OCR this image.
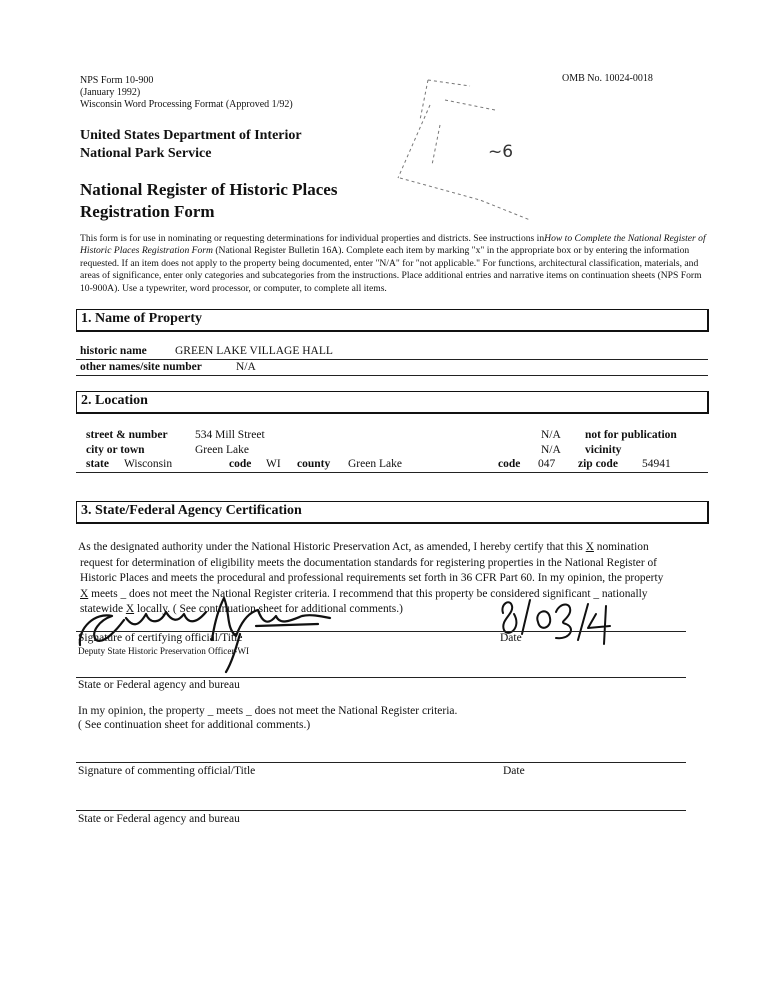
NPS Form 10-900
(January 1992)
Wisconsin Word Processing Format (Approved 1/92)
OMB No. 10024-0018
United States Department of Interior
National Park Service
National Register of Historic Places
Registration Form
~6
This form is for use in nominating or requesting determinations for individual properties and districts. See instructions inHow to Complete the National Register of Historic Places Registration Form (National Register Bulletin 16A). Complete each item by marking "x" in the appropriate box or by entering the information requested. If an item does not apply to the property being documented, enter "N/A" for "not applicable." For functions, architectural classification, materials, and areas of significance, enter only categories and subcategories from the instructions. Place additional entries and narrative items on continuation sheets (NPS Form 10-900A). Use a typewriter, word processor, or computer, to complete all items.
1. Name of Property
historic name GREEN LAKE VILLAGE HALL
other names/site number	N/A
2. Location
street & number 534 Mill Street	N/A not for publication
city or town	Green Lake	N/A vicinity
state Wisconsin	code WI county Green Lake	code 047 zip code 54941
3. State/Federal Agency Certification

As the designated authority under the National Historic Preservation Act, as amended, I hereby certify that this X nomination

request for determination of eligibility meets the documentation standards for registering properties in the National Register of

Historic Places and meets the procedural and professional requirements set forth in 36 CFR Part 60. In my opinion, the property

X meets _ does not meet the National Register criteria. I recommend that this property be considered significant _ nationally

statewide X locally. ( See continuation sheet for additional comments.)

Signature of certifying official/Title
Deputy State Historic Preservation Officer-WI
Date
State or Federal agency and bureau
In my opinion, the property _ meets _ does not meet the National Register criteria.
( See continuation sheet for additional comments.)
Signature of commenting official/Title	Date
State or Federal agency and bureau
